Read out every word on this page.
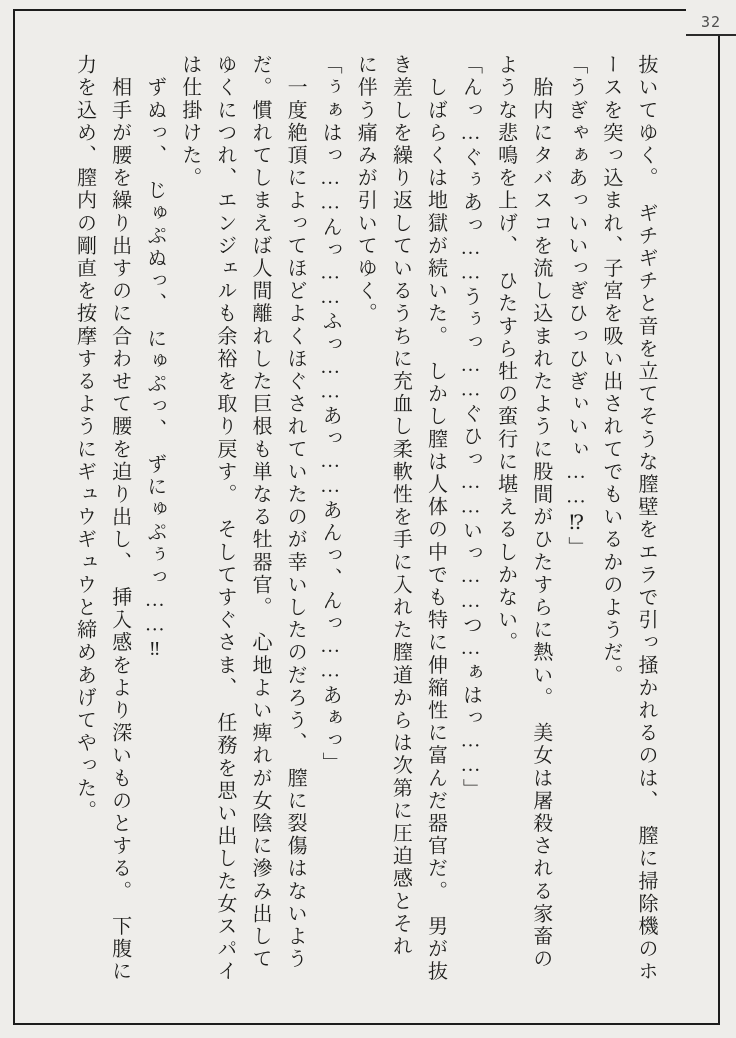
32

抜いてゆく。　ギチギチと音を立てそうな膣壁をエラで引っ掻かれるのは、　膣に掃除機のホ

ースを突っ込まれ、子宮を吸い出されてでもいるかのようだ。

「うぎゃぁあっいいっぎひっひぎぃいぃ……⁉」

　胎内にタバスコを流し込まれたように股間がひたすらに熱い。　美女は屠殺される家畜の

ような悲鳴を上げ、　ひたすら牡の蛮行に堪えるしかない。

「んっ…ぐぅあっ……うぅっ……ぐひっ……いっ……つ…ぁはっ……」

　しばらくは地獄が続いた。　しかし膣は人体の中でも特に伸縮性に富んだ器官だ。　男が抜

き差しを繰り返しているうちに充血し柔軟性を手に入れた膣道からは次第に圧迫感とそれ

に伴う痛みが引いてゆく。

「ぅぁはっ……んっ……ふっ……あっ……あんっ、んっ……あぁっ」

　一度絶頂によってほどよくほぐされていたのが幸いしたのだろう、　膣に裂傷はないよう

だ。慣れてしまえば人間離れした巨根も単なる牡器官。　心地よい痺れが女陰に滲み出して

ゆくにつれ、エンジェルも余裕を取り戻す。　そしてすぐさま、　任務を思い出した女スパイ

は仕掛けた。

　ずぬっ、　じゅぷぬっ、　にゅぷっ、　ずにゅぷぅっ……‼

　相手が腰を繰り出すのに合わせて腰を迫り出し、　挿入感をより深いものとする。　下腹に

力を込め、膣内の剛直を按摩するようにギュウギュウと締めあげてやった。
